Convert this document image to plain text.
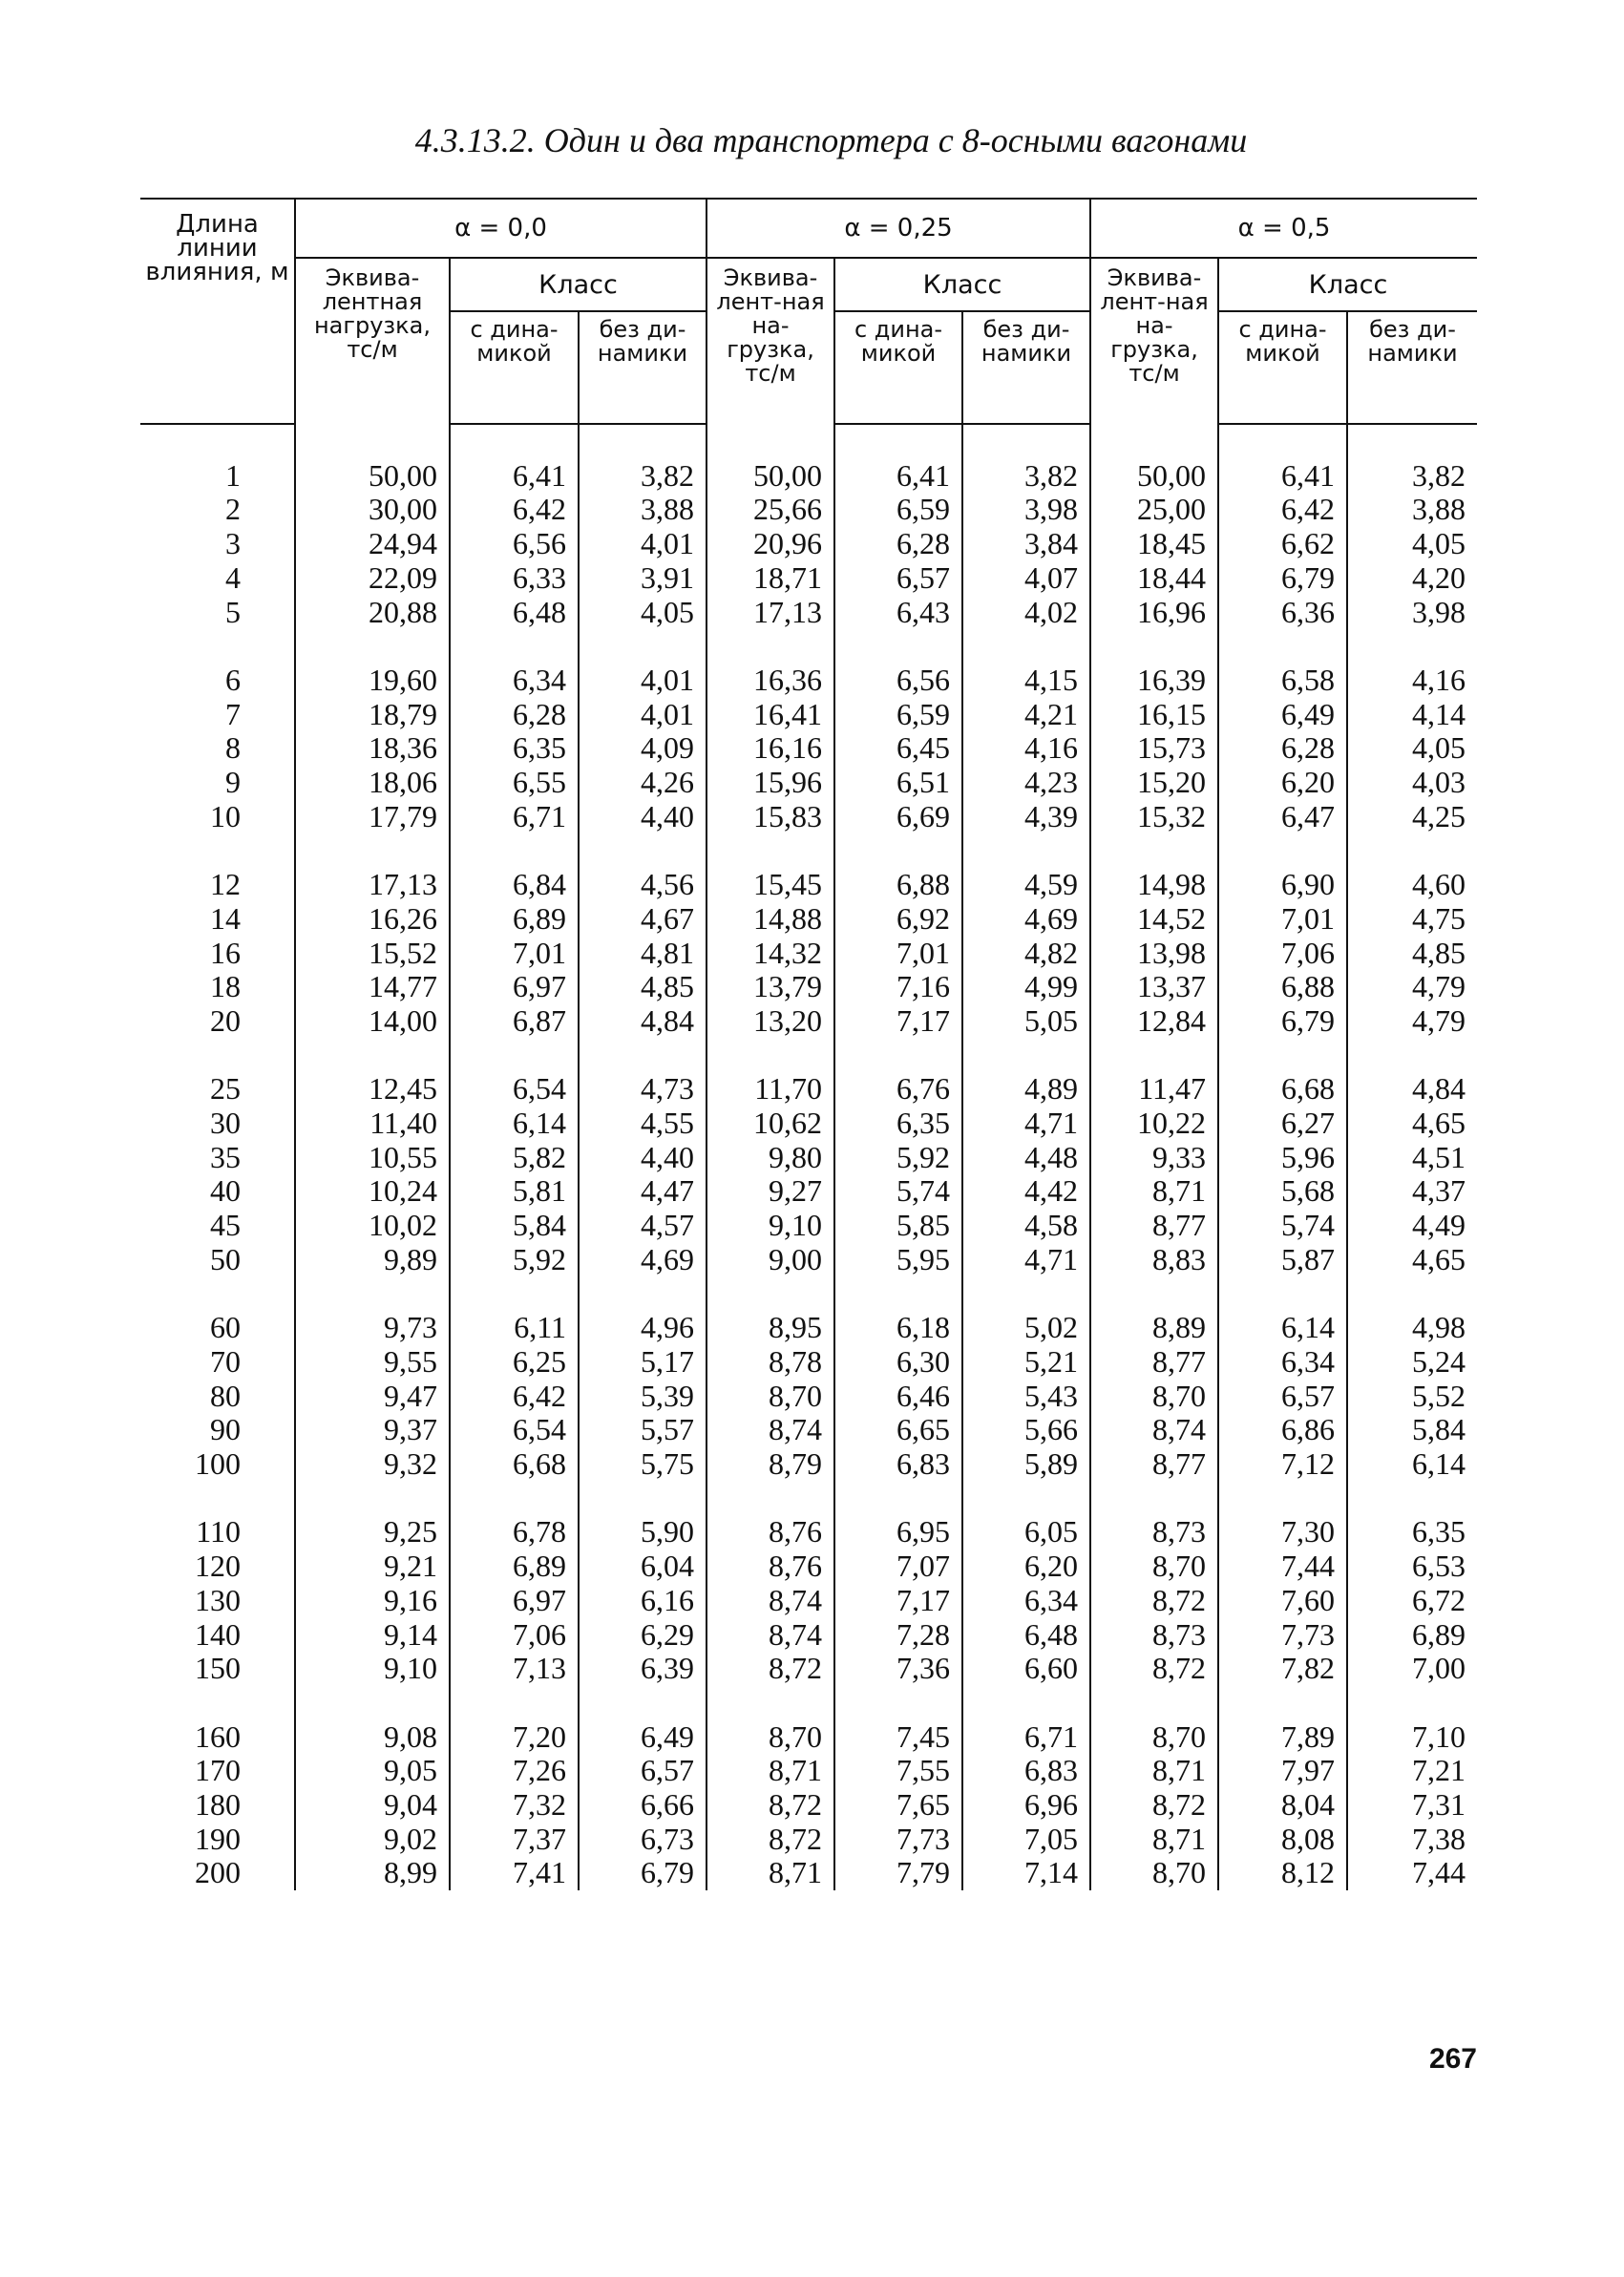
4.3.13.2. Один и два транспортера с 8-осными вагонами
Длина линии влияния, м	α = 0,0			α = 0,25			α = 0,5		
	Эквива-лентная нагрузка, тс/м	Класс		Эквива-лент-ная на-грузка, тс/м	Класс		Эквива-лент-ная на-грузка, тс/м	Класс	
		с дина-микой	без ди-намики		с дина-микой	без ди-намики		с дина-микой	без ди-намики

1	50,00	6,41	3,82	50,00	6,41	3,82	50,00	6,41	3,82
2	30,00	6,42	3,88	25,66	6,59	3,98	25,00	6,42	3,88
3	24,94	6,56	4,01	20,96	6,28	3,84	18,45	6,62	4,05
4	22,09	6,33	3,91	18,71	6,57	4,07	18,44	6,79	4,20
5	20,88	6,48	4,05	17,13	6,43	4,02	16,96	6,36	3,98

6	19,60	6,34	4,01	16,36	6,56	4,15	16,39	6,58	4,16
7	18,79	6,28	4,01	16,41	6,59	4,21	16,15	6,49	4,14
8	18,36	6,35	4,09	16,16	6,45	4,16	15,73	6,28	4,05
9	18,06	6,55	4,26	15,96	6,51	4,23	15,20	6,20	4,03
10	17,79	6,71	4,40	15,83	6,69	4,39	15,32	6,47	4,25

12	17,13	6,84	4,56	15,45	6,88	4,59	14,98	6,90	4,60
14	16,26	6,89	4,67	14,88	6,92	4,69	14,52	7,01	4,75
16	15,52	7,01	4,81	14,32	7,01	4,82	13,98	7,06	4,85
18	14,77	6,97	4,85	13,79	7,16	4,99	13,37	6,88	4,79
20	14,00	6,87	4,84	13,20	7,17	5,05	12,84	6,79	4,79

25	12,45	6,54	4,73	11,70	6,76	4,89	11,47	6,68	4,84
30	11,40	6,14	4,55	10,62	6,35	4,71	10,22	6,27	4,65
35	10,55	5,82	4,40	9,80	5,92	4,48	9,33	5,96	4,51
40	10,24	5,81	4,47	9,27	5,74	4,42	8,71	5,68	4,37
45	10,02	5,84	4,57	9,10	5,85	4,58	8,77	5,74	4,49
50	9,89	5,92	4,69	9,00	5,95	4,71	8,83	5,87	4,65

60	9,73	6,11	4,96	8,95	6,18	5,02	8,89	6,14	4,98
70	9,55	6,25	5,17	8,78	6,30	5,21	8,77	6,34	5,24
80	9,47	6,42	5,39	8,70	6,46	5,43	8,70	6,57	5,52
90	9,37	6,54	5,57	8,74	6,65	5,66	8,74	6,86	5,84
100	9,32	6,68	5,75	8,79	6,83	5,89	8,77	7,12	6,14

110	9,25	6,78	5,90	8,76	6,95	6,05	8,73	7,30	6,35
120	9,21	6,89	6,04	8,76	7,07	6,20	8,70	7,44	6,53
130	9,16	6,97	6,16	8,74	7,17	6,34	8,72	7,60	6,72
140	9,14	7,06	6,29	8,74	7,28	6,48	8,73	7,73	6,89
150	9,10	7,13	6,39	8,72	7,36	6,60	8,72	7,82	7,00

160	9,08	7,20	6,49	8,70	7,45	6,71	8,70	7,89	7,10
170	9,05	7,26	6,57	8,71	7,55	6,83	8,71	7,97	7,21
180	9,04	7,32	6,66	8,72	7,65	6,96	8,72	8,04	7,31
190	9,02	7,37	6,73	8,72	7,73	7,05	8,71	8,08	7,38
200	8,99	7,41	6,79	8,71	7,79	7,14	8,70	8,12	7,44
267
